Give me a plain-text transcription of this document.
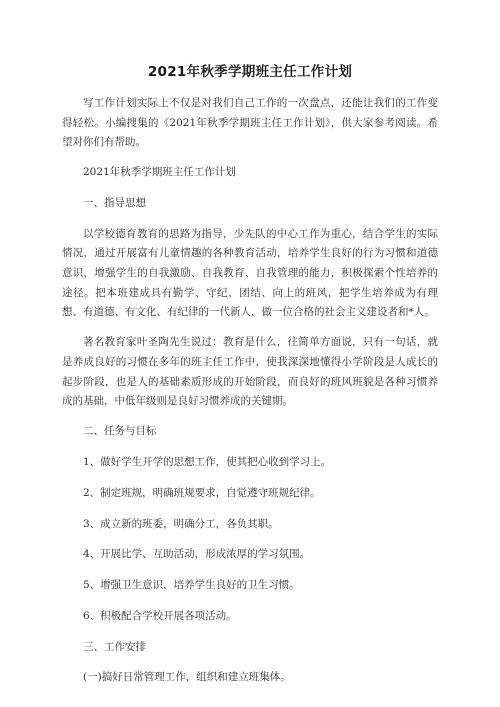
2021年秋季学期班主任工作计划

写工作计划实际上不仅是对我们自己工作的一次盘点，还能让我们的工作变得轻松。小编搜集的《2021年秋季学期班主任工作计划》，供大家参考阅读。希望对你们有帮助。

2021年秋季学期班主任工作计划

一、指导思想

以学校德育教育的思路为指导，少先队的中心工作为重心，结合学生的实际情况，通过开展富有儿童情趣的各种教育活动，培养学生良好的行为习惯和道德意识，增强学生的自我激励、自我教育、自我管理的能力，积极探索个性培养的途径。把本班建成具有勤学、守纪、团结、向上的班风，把学生培养成为有理想、有道德、有文化、有纪律的一代新人，做一位合格的社会主义建设者和*人。

著名教育家叶圣陶先生说过：教育是什么，往简单方面说，只有一句话，就是养成良好的习惯在多年的班主任工作中，使我深深地懂得小学阶段是人成长的起步阶段，也是人的基础素质形成的开始阶段，而良好的班风班貌是各种习惯养成的基础，中低年级则是良好习惯养成的关键期。

二、任务与目标

1、做好学生开学的思想工作，使其把心收到学习上。

2、制定班规，明确班规要求，自觉遵守班规纪律。

3、成立新的班委，明确分工，各负其职。

4、开展比学、互助活动，形成浓厚的学习氛围。

5、增强卫生意识，培养学生良好的卫生习惯。

6、积极配合学校开展各项活动。

三、工作安排

(一)搞好日常管理工作，组织和建立班集体。
